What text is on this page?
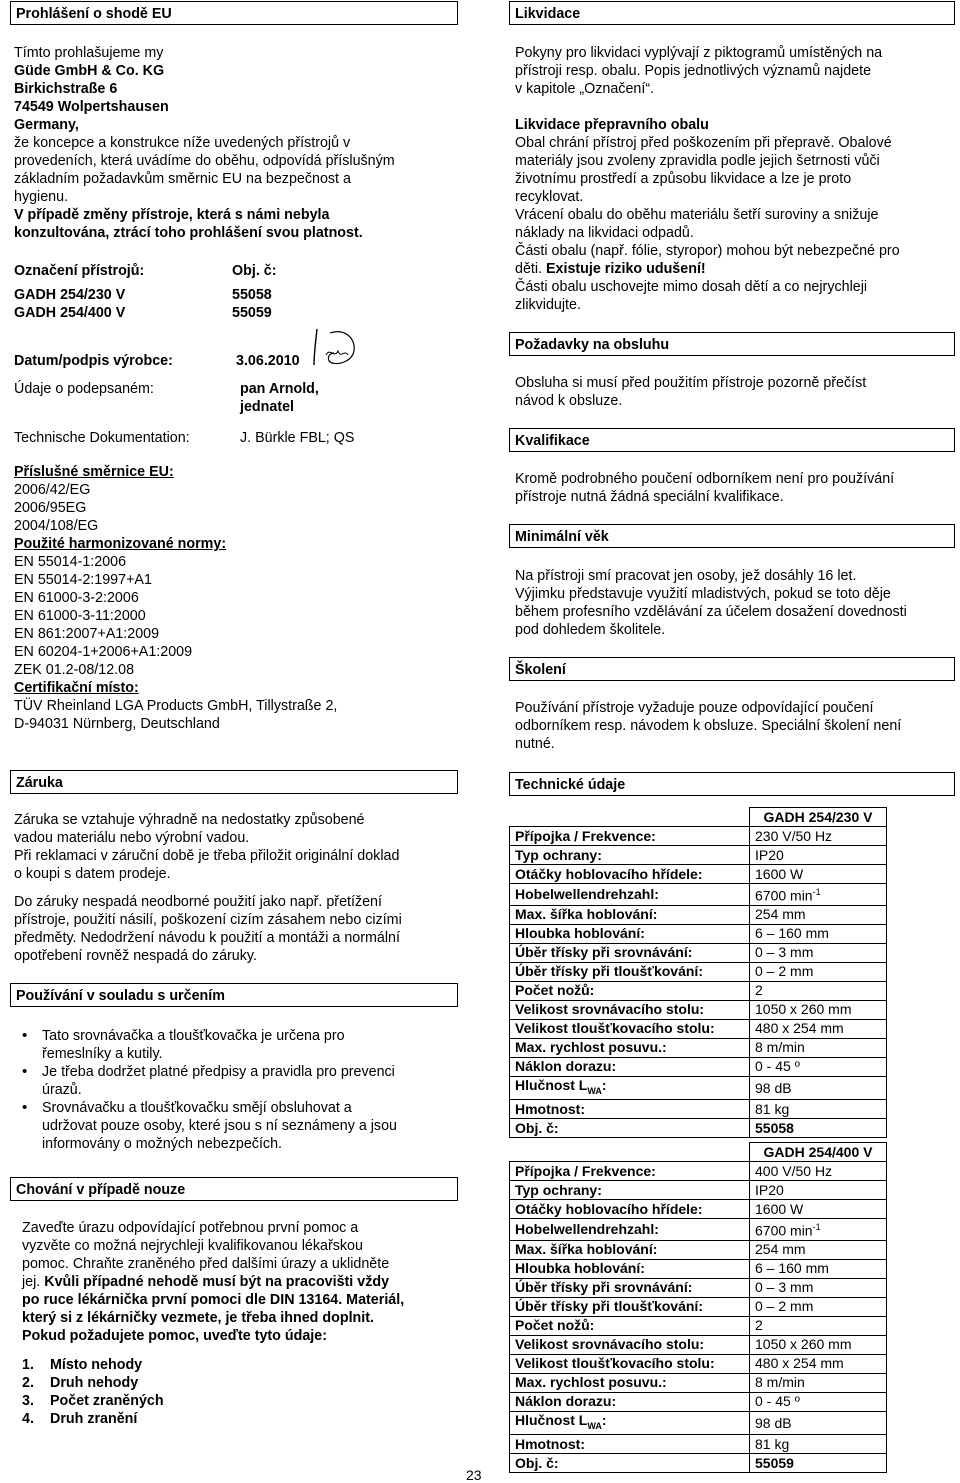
Prohlášení o shodě EU
Tímto prohlašujeme my
Güde GmbH & Co. KG
Birkichstraße 6
74549 Wolpertshausen
Germany,
že koncepce a konstrukce níže uvedených přístrojů v
provedeních, která uvádíme do oběhu, odpovídá příslušným
základním požadavkům směrnic EU na bezpečnost a
hygienu.
V případě změny přístroje, která s námi nebyla
konzultována, ztrácí toho prohlášení svou platnost.
Označení přístrojů:	Obj. č:
GADH 254/230 V	55058
GADH 254/400 V	55059
Datum/podpis výrobce:	3.06.2010
Údaje o podepsaném:	pan Arnold,
jednatel
Technische Dokumentation:	J. Bürkle FBL; QS
Příslušné směrnice EU:
2006/42/EG
2006/95EG
2004/108/EG
Použité harmonizované normy:
EN 55014-1:2006
EN 55014-2:1997+A1
EN 61000-3-2:2006
EN 61000-3-11:2000
EN 861:2007+A1:2009
EN 60204-1+2006+A1:2009
ZEK 01.2-08/12.08
Certifikační místo:
TÜV Rheinland LGA Products GmbH, Tillystraße 2,
D-94031 Nürnberg, Deutschland
Záruka
Záruka se vztahuje výhradně na nedostatky způsobené
vadou materiálu nebo výrobní vadou.
Při reklamaci v záruční době je třeba přiložit originální doklad
o koupi s datem prodeje.
Do záruky nespadá neodborné použití jako např. přetížení
přístroje, použití násilí, poškození cizím zásahem nebo cizími
předměty. Nedodržení návodu k použití a montáži a normální
opotřebení rovněž nespadá do záruky.
Používání v souladu s určením
• Tato srovnávačka a tloušťkovačka je určena pro
řemeslníky a kutily.
• Je třeba dodržet platné předpisy a pravidla pro prevenci
úrazů.
• Srovnávačku a tloušťkovačku smějí obsluhovat a
udržovat pouze osoby, které jsou s ní seznámeny a jsou
informovány o možných nebezpečích.
Chování v případě nouze
Zaveďte úrazu odpovídající potřebnou první pomoc a
vyzvěte co možná nejrychleji kvalifikovanou lékařskou
pomoc. Chraňte zraněného před dalšími úrazy a uklidněte
jej. Kvůli případné nehodě musí být na pracovišti vždy
po ruce lékárnička první pomoci dle DIN 13164. Materiál,
který si z lékárničky vezmete, je třeba ihned doplnit.
Pokud požadujete pomoc, uveďte tyto údaje:
1.	Místo nehody
2.	Druh nehody
3.	Počet zraněných
4.	Druh zranění
Likvidace
Pokyny pro likvidaci vyplývají z piktogramů umístěných na
přístroji resp. obalu. Popis jednotlivých významů najdete
v kapitole „Označení“.
Likvidace přepravního obalu
Obal chrání přístroj před poškozením při přepravě. Obalové
materiály jsou zvoleny zpravidla podle jejich šetrnosti vůči
životnímu prostředí a způsobu likvidace a lze je proto
recyklovat.
Vrácení obalu do oběhu materiálu šetří suroviny a snižuje
náklady na likvidaci odpadů.
Části obalu (např. fólie, styropor) mohou být nebezpečné pro
děti. Existuje riziko udušení!
Části obalu uschovejte mimo dosah dětí a co nejrychleji
zlikvidujte.
Požadavky na obsluhu
Obsluha si musí před použitím přístroje pozorně přečíst
návod k obsluze.
Kvalifikace
Kromě podrobného poučení odborníkem není pro používání
přístroje nutná žádná speciální kvalifikace.
Minimální věk
Na přístroji smí pracovat jen osoby, jež dosáhly 16 let.
Výjimku představuje využití mladistvých, pokud se toto děje
během profesního vzdělávání za účelem dosažení dovednosti
pod dohledem školitele.
Školení
Používání přístroje vyžaduje pouze odpovídající poučení
odborníkem resp. návodem k obsluze. Speciální školení není
nutné.
Technické údaje
	GADH 254/230 V
Přípojka / Frekvence:	230 V/50 Hz
Typ ochrany:	IP20
Otáčky hoblovacího hřídele:	1600 W
Hobelwellendrehzahl:	6700 $\min^{-1}$
Max. šířka hoblování:	254 mm
Hloubka hoblování:	6 – 160 mm
Úběr třísky při srovnávání:	0 – 3 mm
Úběr třísky při tloušťkování:	0 – 2 mm
Počet nožů:	2
Velikost srovnávacího stolu:	1050 x 260 mm
Velikost tloušťkovacího stolu:	480 x 254 mm
Max. rychlost posuvu.:	8 m/min
Náklon dorazu:	0 - 45 º
Hlučnost $L_{WA}$:	98 dB
Hmotnost:	81 kg
Obj. č:	55058
	GADH 254/400 V
Přípojka / Frekvence:	400 V/50 Hz
Typ ochrany:	IP20
Otáčky hoblovacího hřídele:	1600 W
Hobelwellendrehzahl:	6700 $\min^{-1}$
Max. šířka hoblování:	254 mm
Hloubka hoblování:	6 – 160 mm
Úběr třísky při srovnávání:	0 – 3 mm
Úběr třísky při tloušťkování:	0 – 2 mm
Počet nožů:	2
Velikost srovnávacího stolu:	1050 x 260 mm
Velikost tloušťkovacího stolu:	480 x 254 mm
Max. rychlost posuvu.:	8 m/min
Náklon dorazu:	0 - 45 º
Hlučnost $L_{WA}$:	98 dB
Hmotnost:	81 kg
Obj. č:	55059
23
